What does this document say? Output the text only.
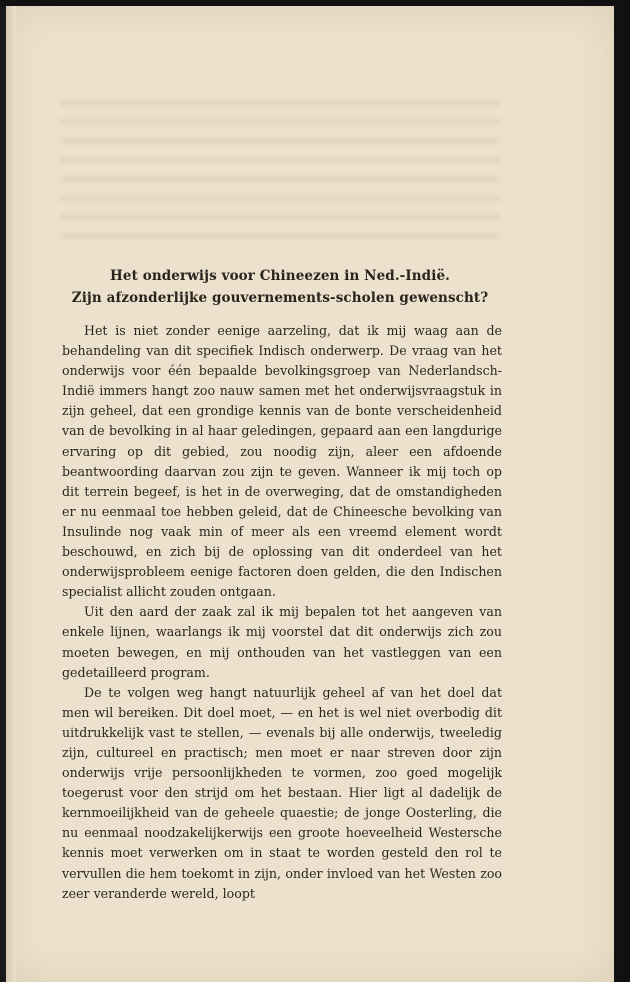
Het onderwijs voor Chineezen in Ned.-Indië.
Zijn afzonderlijke gouvernements-scholen gewenscht?

Het is niet zonder eenige aarzeling, dat ik mij waag aan de behandeling van dit specifiek Indisch onderwerp. De vraag van het onderwijs voor één bepaalde bevolkingsgroep van Nederlandsch-Indië immers hangt zoo nauw samen met het onderwijsvraagstuk in zijn geheel, dat een grondige kennis van de bonte verscheidenheid van de bevolking in al haar geledingen, gepaard aan een langdurige ervaring op dit gebied, zou noodig zijn, aleer een afdoende beantwoording daarvan zou zijn te geven. Wanneer ik mij toch op dit terrein begeef, is het in de overweging, dat de omstandigheden er nu eenmaal toe hebben geleid, dat de Chineesche bevolking van Insulinde nog vaak min of meer als een vreemd element wordt beschouwd, en zich bij de oplossing van dit onderdeel van het onderwijsprobleem eenige factoren doen gelden, die den Indischen specialist allicht zouden ontgaan.

Uit den aard der zaak zal ik mij bepalen tot het aangeven van enkele lijnen, waarlangs ik mij voorstel dat dit onderwijs zich zou moeten bewegen, en mij onthouden van het vastleggen van een gedetailleerd program.

De te volgen weg hangt natuurlijk geheel af van het doel dat men wil bereiken. Dit doel moet, — en het is wel niet overbodig dit uitdrukkelijk vast te stellen, — evenals bij alle onderwijs, tweeledig zijn, cultureel en practisch; men moet er naar streven door zijn onderwijs vrije persoonlijkheden te vormen, zoo goed mogelijk toegerust voor den strijd om het bestaan. Hier ligt al dadelijk de kernmoeilijkheid van de geheele quaestie; de jonge Oosterling, die nu eenmaal noodzakelijkerwijs een groote hoeveelheid Westersche kennis moet verwerken om in staat te worden gesteld den rol te vervullen die hem toekomt in zijn, onder invloed van het Westen zoo zeer veranderde wereld, loopt
